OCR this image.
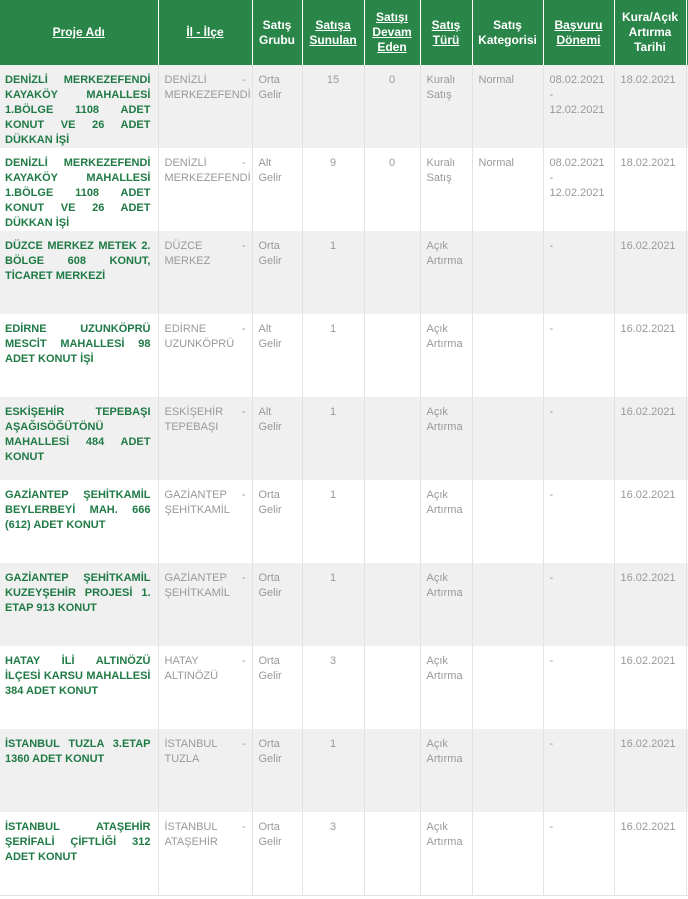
Proje Adı	İl - İlçe	Satış Grubu	Satışa Sunulan	Satışı Devam Eden	Satış Türü	Satış Kategorisi	Başvuru Dönemi	Kura/Açık Artırma Tarihi	
DENİZLİ MERKEZEFENDİ KAYAKÖY MAHALLESİ 1.BÖLGE 1108 ADET KONUT VE 26 ADET DÜKKAN İŞİ	DENİZLİ - MERKEZEFENDİ	Orta Gelir	15	0	Kuralı Satış	Normal	08.02.2021 - 12.02.2021	18.02.2021	
DENİZLİ MERKEZEFENDİ KAYAKÖY MAHALLESİ 1.BÖLGE 1108 ADET KONUT VE 26 ADET DÜKKAN İŞİ	DENİZLİ - MERKEZEFENDİ	Alt Gelir	9	0	Kuralı Satış	Normal	08.02.2021 - 12.02.2021	18.02.2021	
DÜZCE MERKEZ METEK 2. BÖLGE 608 KONUT, TİCARET MERKEZİ	DÜZCE - MERKEZ	Orta Gelir	1		Açık Artırma		-	16.02.2021	
EDİRNE UZUNKÖPRÜ MESCİT MAHALLESİ 98 ADET KONUT İŞİ	EDİRNE - UZUNKÖPRÜ	Alt Gelir	1		Açık Artırma		-	16.02.2021	
ESKİŞEHİR TEPEBAŞI AŞAĞISÖĞÜTÖNÜ MAHALLESİ 484 ADET KONUT	ESKİŞEHİR - TEPEBAŞI	Alt Gelir	1		Açık Artırma		-	16.02.2021	
GAZİANTEP ŞEHİTKAMİL BEYLERBEYİ MAH. 666 (612) ADET KONUT	GAZİANTEP - ŞEHİTKAMİL	Orta Gelir	1		Açık Artırma		-	16.02.2021	
GAZİANTEP ŞEHİTKAMİL KUZEYŞEHİR PROJESİ 1. ETAP 913 KONUT	GAZİANTEP - ŞEHİTKAMİL	Orta Gelir	1		Açık Artırma		-	16.02.2021	
HATAY İLİ ALTINÖZÜ İLÇESİ KARSU MAHALLESİ 384 ADET KONUT	HATAY - ALTINÖZÜ	Orta Gelir	3		Açık Artırma		-	16.02.2021	
İSTANBUL TUZLA 3.ETAP 1360 ADET KONUT	İSTANBUL - TUZLA	Orta Gelir	1		Açık Artırma		-	16.02.2021	
İSTANBUL ATAŞEHİR ŞERİFALİ ÇİFTLİĞİ 312 ADET KONUT	İSTANBUL - ATAŞEHİR	Orta Gelir	3		Açık Artırma		-	16.02.2021	
